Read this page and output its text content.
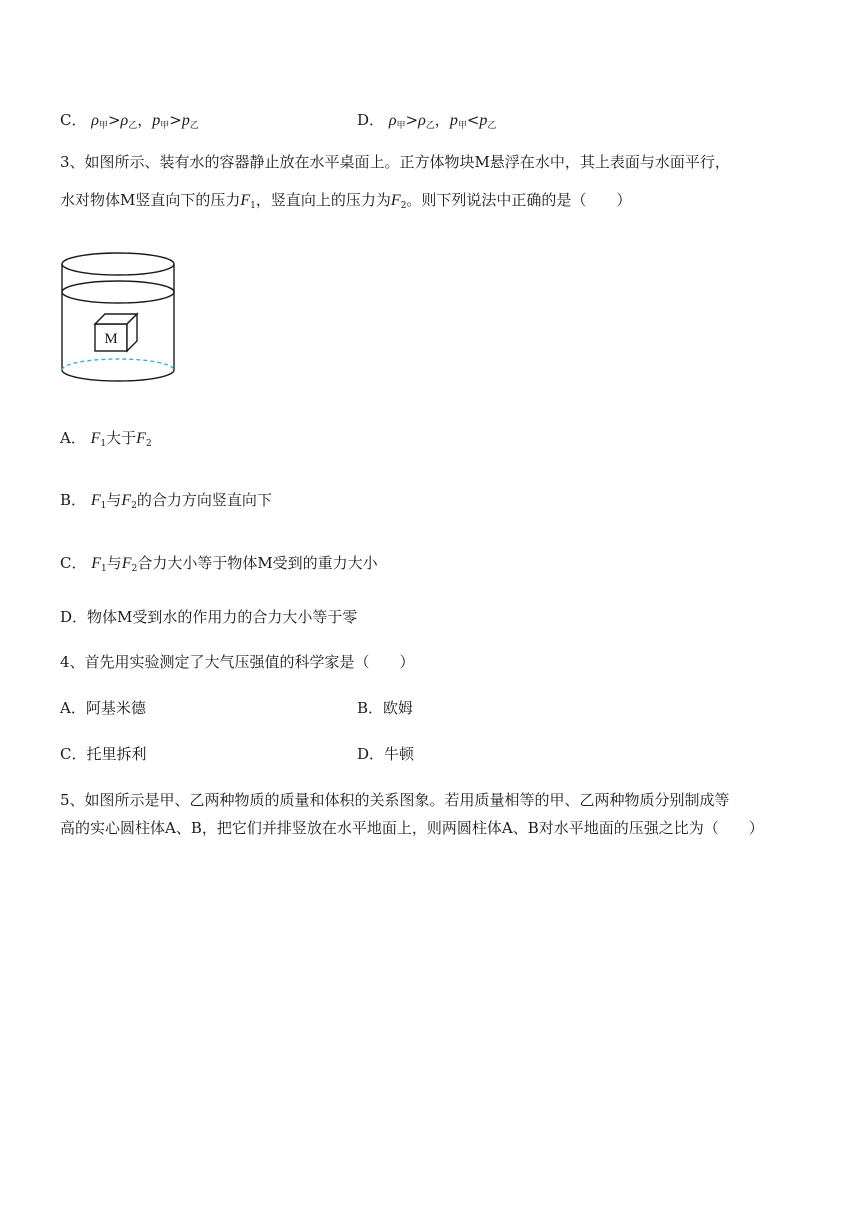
C． $\rho_甲>\rho_乙$，$p_甲>p_乙$	D． $\rho_甲>\rho_乙$，$p_甲<p_乙$
3、如图所示、装有水的容器静止放在水平桌面上。正方体物块M悬浮在水中，其上表面与水面平行，
水对物体M竖直向下的压力$F_1$，竖直向上的压力为$F_2$。则下列说法中正确的是（　　）
M
A． $F_1$大于$F_2$
B． $F_1$与$F_2$的合力方向竖直向下
C． $F_1$与$F_2$合力大小等于物体M受到的重力大小
D．物体M受到水的作用力的合力大小等于零
4、首先用实验测定了大气压强值的科学家是（　　）
A．阿基米德	B．欧姆
C．托里拆利	D．牛顿
5、如图所示是甲、乙两种物质的质量和体积的关系图象。若用质量相等的甲、乙两种物质分别制成等
高的实心圆柱体A、B，把它们并排竖放在水平地面上，则两圆柱体A、B对水平地面的压强之比为（　　）
